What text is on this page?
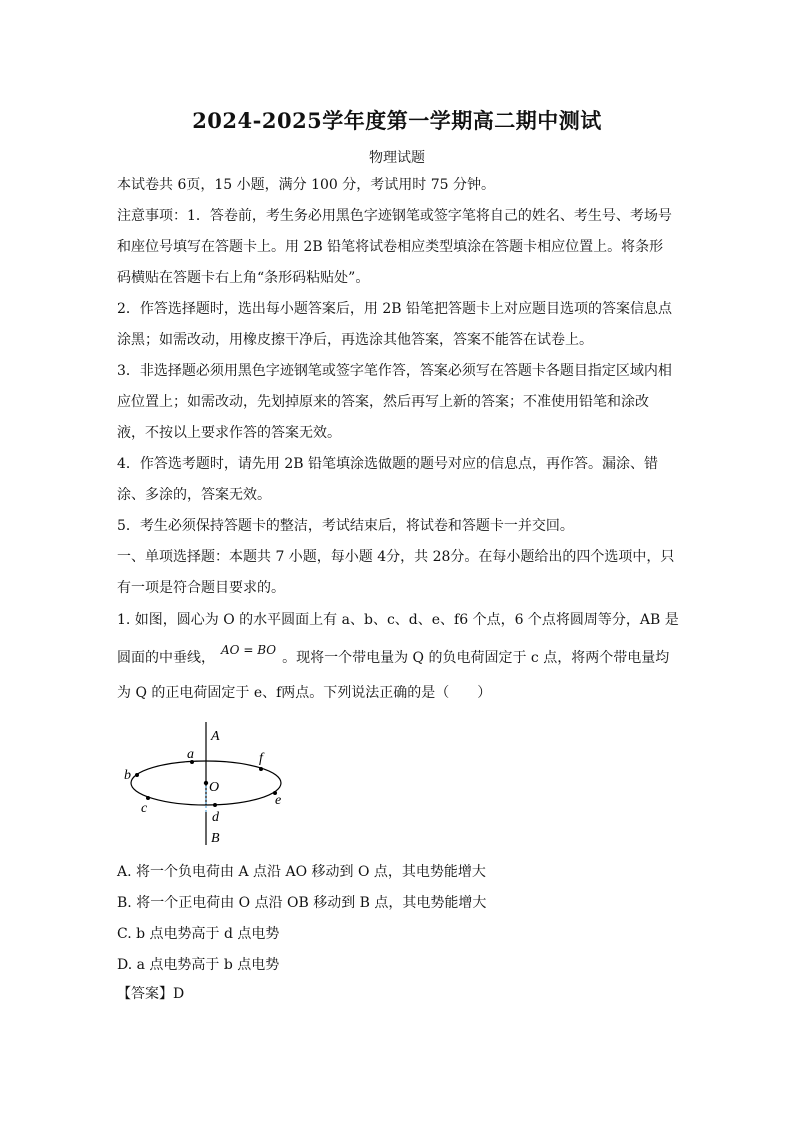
2024-2025学年度第一学期高二期中测试
物理试题
本试卷共 6页，15 小题，满分 100 分，考试用时 75 分钟。
注意事项：1．答卷前，考生务必用黑色字迹钢笔或签字笔将自己的姓名、考生号、考场号
和座位号填写在答题卡上。用 2B 铅笔将试卷相应类型填涂在答题卡相应位置上。将条形
码横贴在答题卡右上角“条形码粘贴处”。
2．作答选择题时，选出每小题答案后，用 2B 铅笔把答题卡上对应题目选项的答案信息点
涂黑；如需改动，用橡皮擦干净后，再选涂其他答案，答案不能答在试卷上。
3．非选择题必须用黑色字迹钢笔或签字笔作答，答案必须写在答题卡各题目指定区域内相
应位置上；如需改动，先划掉原来的答案，然后再写上新的答案；不准使用铅笔和涂改
液，不按以上要求作答的答案无效。
4．作答选考题时，请先用 2B 铅笔填涂选做题的题号对应的信息点，再作答。漏涂、错
涂、多涂的，答案无效。
5．考生必须保持答题卡的整洁，考试结束后，将试卷和答题卡一并交回。
一、单项选择题：本题共 7 小题，每小题 4分，共 28分。在每小题给出的四个选项中，只
有一项是符合题目要求的。
1. 如图，圆心为 O 的水平圆面上有 a、b、c、d、e、f6 个点，6 个点将圆周等分，AB 是
圆面的中垂线， AO = BO 。现将一个带电量为 Q 的负电荷固定于 c 点，将两个带电量均
为 Q 的正电荷固定于 e、f两点。下列说法正确的是（　　）
A
a
b
c
d
e
f
O
B
A. 将一个负电荷由 A 点沿 AO 移动到 O 点，其电势能增大
B. 将一个正电荷由 O 点沿 OB 移动到 B 点，其电势能增大
C. b 点电势高于 d 点电势
D. a 点电势高于 b 点电势
【答案】D
